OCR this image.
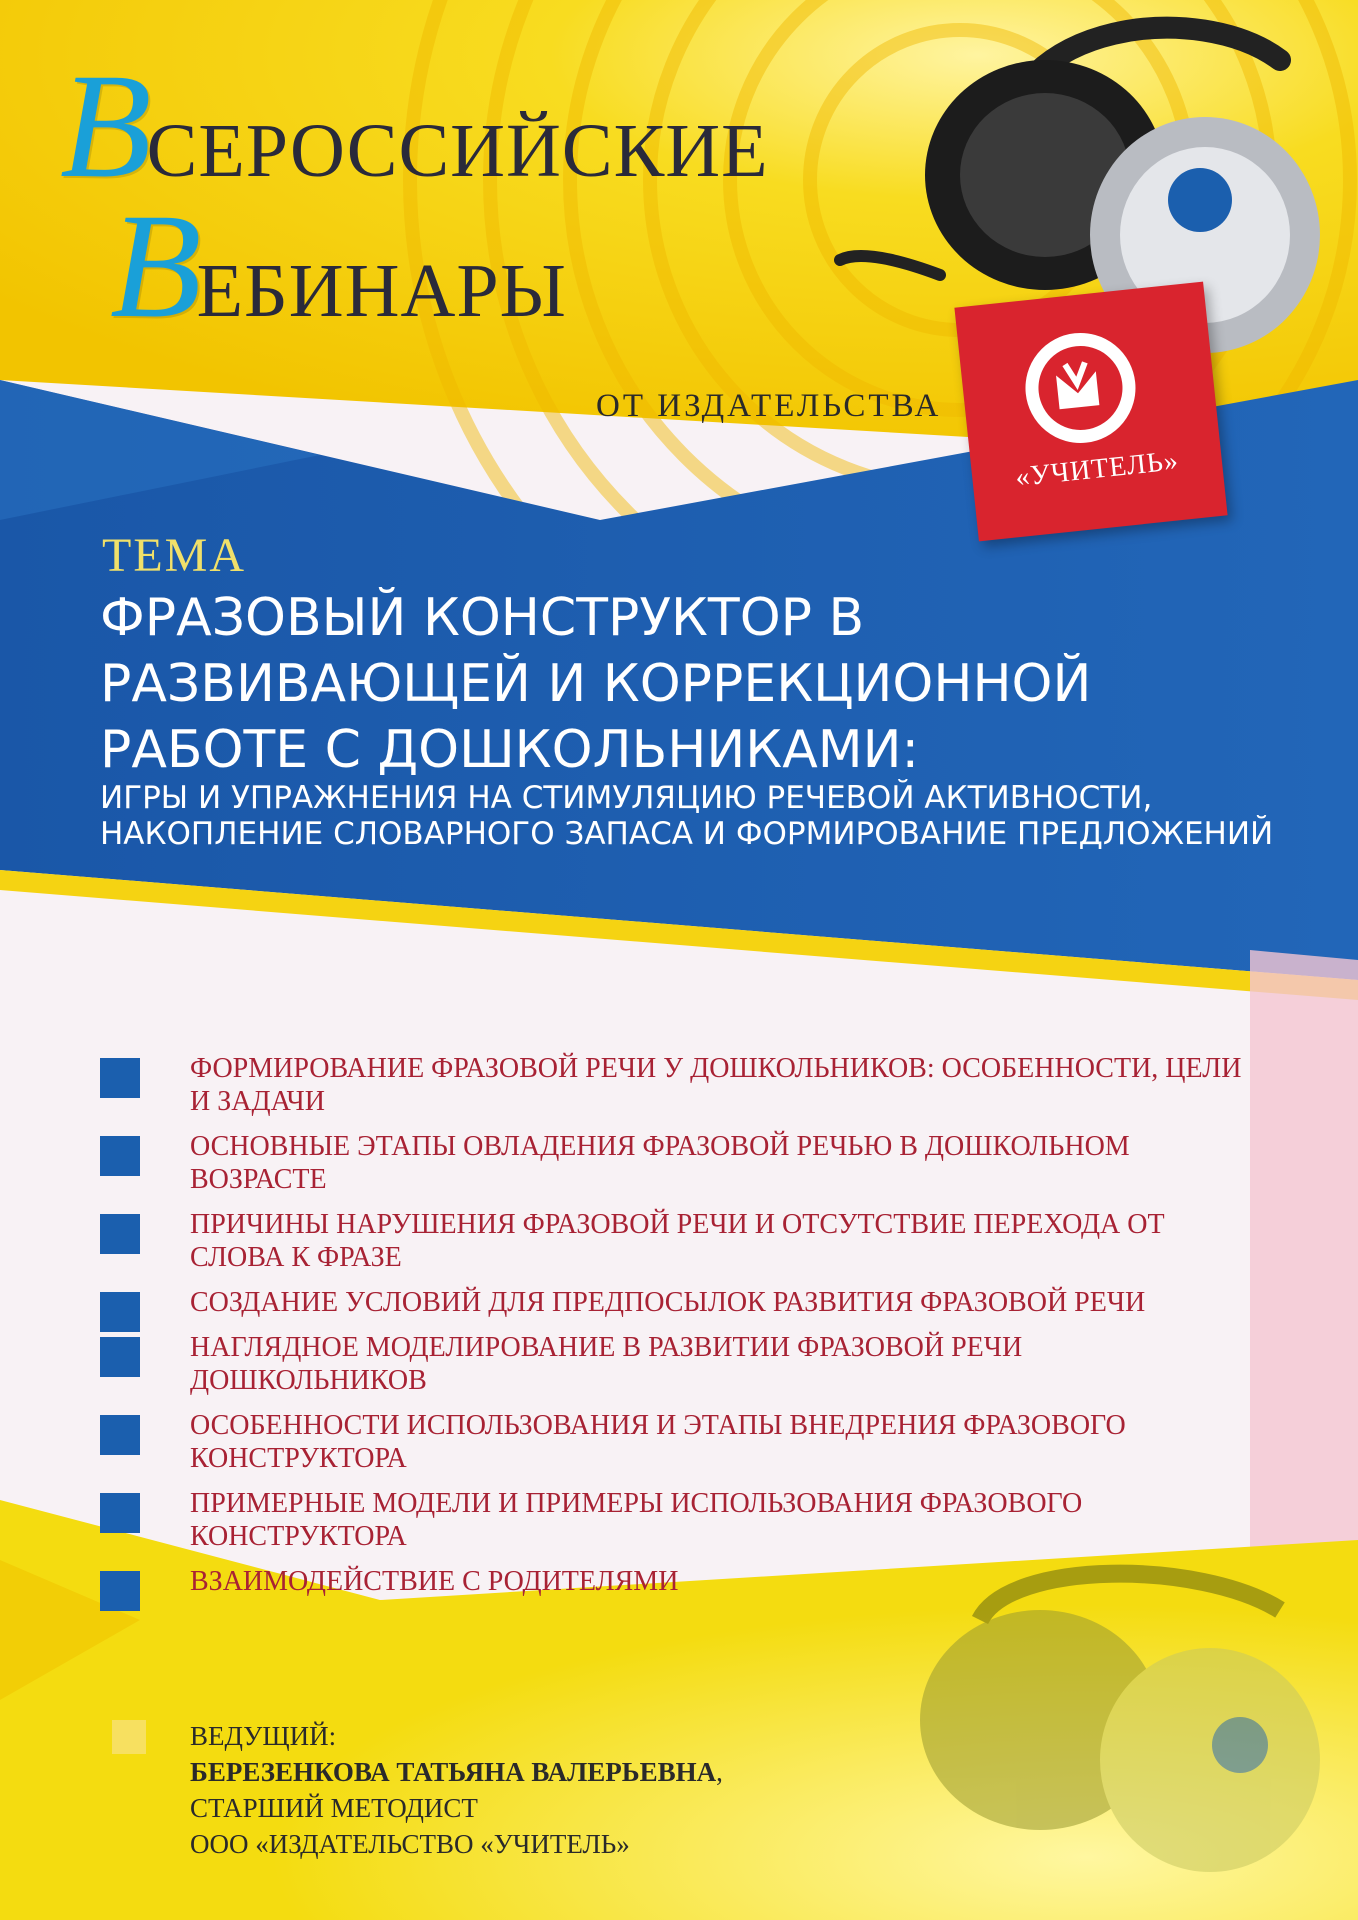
ВСЕРОССИЙСКИЕ
ВЕБИНАРЫ
ОТ ИЗДАТЕЛЬСТВА
«УЧИТЕЛЬ»
ТЕМА
ФРАЗОВЫЙ КОНСТРУКТОР В РАЗВИВАЮЩЕЙ И КОРРЕКЦИОННОЙ РАБОТЕ С ДОШКОЛЬНИКАМИ:
ИГРЫ И УПРАЖНЕНИЯ НА СТИМУЛЯЦИЮ РЕЧЕВОЙ АКТИВНОСТИ, НАКОПЛЕНИЕ СЛОВАРНОГО ЗАПАСА И ФОРМИРОВАНИЕ ПРЕДЛОЖЕНИЙ
ФОРМИРОВАНИЕ ФРАЗОВОЙ РЕЧИ У ДОШКОЛЬНИКОВ: ОСОБЕННОСТИ, ЦЕЛИ И ЗАДАЧИ
ОСНОВНЫЕ ЭТАПЫ ОВЛАДЕНИЯ ФРАЗОВОЙ РЕЧЬЮ В ДОШКОЛЬНОМ ВОЗРАСТЕ
ПРИЧИНЫ НАРУШЕНИЯ ФРАЗОВОЙ РЕЧИ И ОТСУТСТВИЕ ПЕРЕХОДА ОТ СЛОВА К ФРАЗЕ
СОЗДАНИЕ УСЛОВИЙ ДЛЯ ПРЕДПОСЫЛОК РАЗВИТИЯ ФРАЗОВОЙ РЕЧИ
НАГЛЯДНОЕ МОДЕЛИРОВАНИЕ В РАЗВИТИИ ФРАЗОВОЙ РЕЧИ ДОШКОЛЬНИКОВ
ОСОБЕННОСТИ ИСПОЛЬЗОВАНИЯ И ЭТАПЫ ВНЕДРЕНИЯ ФРАЗОВОГО КОНСТРУКТОРА
ПРИМЕРНЫЕ МОДЕЛИ И ПРИМЕРЫ ИСПОЛЬЗОВАНИЯ ФРАЗОВОГО КОНСТРУКТОРА
ВЗАИМОДЕЙСТВИЕ С РОДИТЕЛЯМИ
ВЕДУЩИЙ:
БЕРЕЗЕНКОВА ТАТЬЯНА ВАЛЕРЬЕВНА,
СТАРШИЙ МЕТОДИСТ
ООО «ИЗДАТЕЛЬСТВО «УЧИТЕЛЬ»
